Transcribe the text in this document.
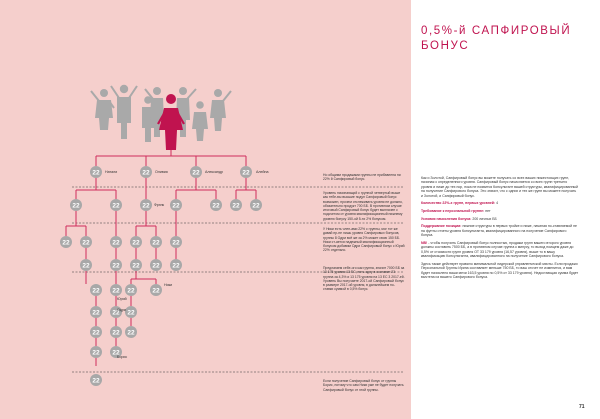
22	22	22	22
22	22	22	22	22 22 22
22 22	22 22 22 22
22	22 22 22 22
22 22 22	22
22 22 22
22 22 22
22 22
22
Натали	Оливия	Александр	Алейна
Фрэнк
Ники
Юрий
Одри
Борис

Но общими продажами группы не прибавлена ни 22% й Сапфировый бонус.

Уровень начинающий с группой четвертый выше как тебе-вы высшие подуп Сапфировый бонус возможен, прочем отслеживать уровня не должно, обязательно продукт 700 ББ. В противном случае итоговый Сапфировый бонус будет выплачен с подсчетом от уровня квалификационный нижнему уровню бонусу 150-ой 5-ти 2% бонусом.

У Ники есть член-ами 22% с группы, мог тот же давай пр-не лишь уровня Сапфировых бонусов, группы 8 Одри всё же за 2% может свою 150 ББ. Ники ст-ается надежный квалификационный бонусом добавим Одри Сапфировый бонус с Юрий 22% отдельно.

Предлагаем себе-ого как группа, значит 7000 ББ за 13 175 уровня 13 ЕС, есть одну в составит 23 группа за 4,3% и 13 175 уровня на 13 ЕС 3 2017-ей. Уровень Вы получаете 2017-ой Сапфировый бонус в размере 2017-ой уровня, в дальнейшем по-ставки суммой в 0,5% бонус.

Если получение Сапфировый бонус от группы Борис, потому что сам Ники уже не будет получать Сапфировый бонус от этой группы.

0,5%-й САПФИРОВЫЙ БОНУС

Как и Золотой, Сапфировый бонус вы можете получать со всех ваших нижестоящих групп, начиная с определенного уровня. Сапфировый бонус начисляется со всех групп третьего уровня и ниже до тех пор, пока не появится Консультант вашей структуры, квалифицированный на получение Сапфирового бонуса. Это значит, что с одних и тех же групп вы можете получать и Золотой, и Сапфировый бонус.

Количество 22%-х групп, первых уровней: 4

Требование к персональной группе: нет

Условия начисления бонуса: 200 личных ББ

Поддержание позиции: нижние структуры в первых тройке и ниже, начиная по-ставляемой не на фунты отчеты уровня Консультанта, квалифицированного на получение Сапфирового бонуса.

NB! - чтобы получить Сапфировый бонус полностью, продажи групп вашего второго уровня должны составить 7500 ББ, а в противном случае группа к минусу, то выход поищем даже до 0,5% от стоимости групп уровня ОТ 33 179 уровня (16,57 уровня), выше то в вашу квалификацию Консультанта, квалифицированного на получение Сапфирового бонуса.

Здесь также действует правило минимальной лидерской управленческой мачты. Если продажи Персональной Группы Ирина составляет меньше 750 ББ, то ваш отсчет не изменится, и вам будет начислено ваши мечи 163,5 уровня по 0,5% от 33 179 уровня). Недостающая сумма будет вычтена из вашего Сапфирового бонуса.

71
